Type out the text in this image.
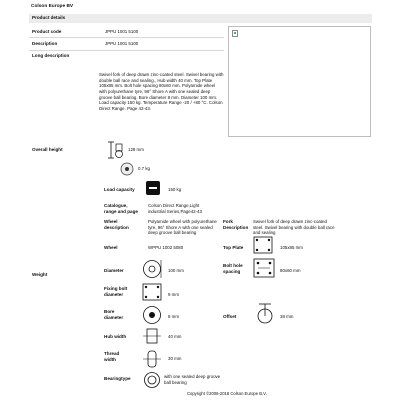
Colson Europe BV
Product details
Product code	JPPU 1001 5100
Description	JPPU 1001 5100
Long description
Swivel fork of deep drawn zinc-coated steel. Swivel bearing with double ball race and sealing., Hub width 40 mm. Top Plate 105x85 mm. Bolt hole spacing 80x60 mm. Polyamide wheel with polyurethane tyre, 96° Shore A with one sealed deep groove ball bearing. Bore diameter 8 mm. Diameter 100 mm. Load capacity 150 kg. Temperature Range -20 / +80 °C. Colson Direct Range. Page 42-43.
Overall height	128 mm
0.7 kg
Load capacity	150 kg
Catalogue, range and page
Colson Direct Range,Light industrial Series,Page42-43
Wheel description
Polyamide wheel with polyurethane tyre, 96° Shore A with one sealed deep groove ball bearing
Fork Description
Swivel fork of deep drawn zinc-coated steel. Swivel bearing with double ball race and sealing
Wheel	WPPU 1002 5080	Top Plate	105x85 mm
Weight
Diameter	100 mm
Bolt hole spacing	80x60 mm
Fixing bolt diameter	9 mm
Bore diameter	8 mm	Offset	38 mm
Hub width	40 mm
Thread width	30 mm
Bearingtype	with one sealed deep groove ball bearing
Copyright ©2006-2018 Colson Europe B.V.
